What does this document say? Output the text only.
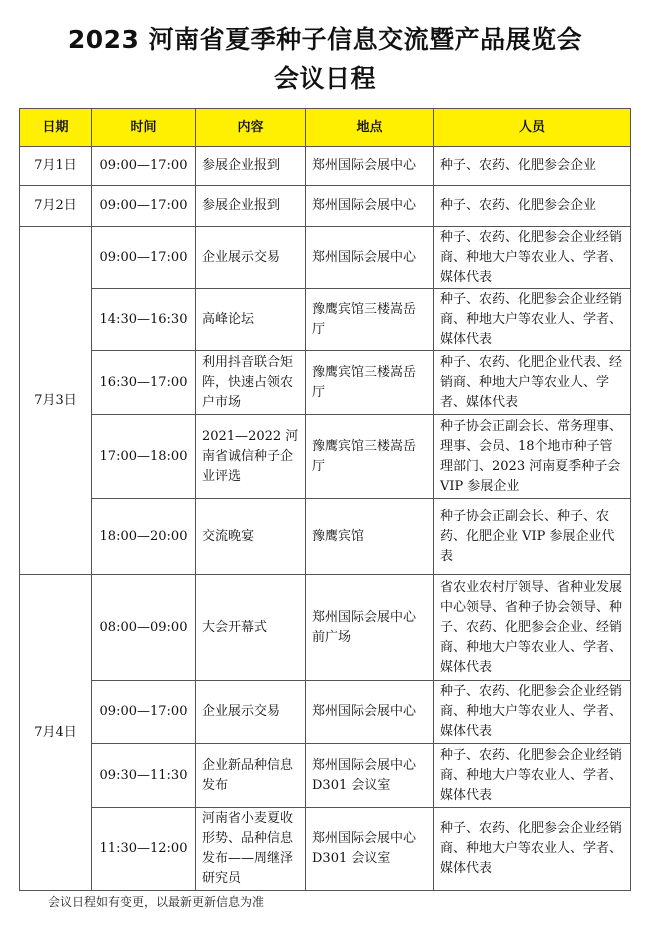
2023 河南省夏季种子信息交流暨产品展览会
会议日程
日期	时间	内容	地点	人员
7月1日	09:00—17:00	参展企业报到	郑州国际会展中心	种子、农药、化肥参会企业
7月2日	09:00—17:00	参展企业报到	郑州国际会展中心	种子、农药、化肥参会企业
7月3日	09:00—17:00	企业展示交易	郑州国际会展中心	种子、农药、化肥参会企业经销商、种地大户等农业人、学者、媒体代表
	14:30—16:30	高峰论坛	豫鹰宾馆三楼嵩岳厅	种子、农药、化肥参会企业经销商、种地大户等农业人、学者、媒体代表
	16:30—17:00	利用抖音联合矩阵，快速占领农户市场	豫鹰宾馆三楼嵩岳厅	种子、农药、化肥企业代表、经销商、种地大户等农业人、学者、媒体代表
	17:00—18:00	2021—2022 河南省诚信种子企业评选	豫鹰宾馆三楼嵩岳厅	种子协会正副会长、常务理事、理事、会员、18个地市种子管理部门、2023 河南夏季种子会 VIP 参展企业
	18:00—20:00	交流晚宴	豫鹰宾馆	种子协会正副会长、种子、农药、化肥企业 VIP 参展企业代表
7月4日	08:00—09:00	大会开幕式	郑州国际会展中心前广场	省农业农村厅领导、省种业发展中心领导、省种子协会领导、种子、农药、化肥参会企业、经销商、种地大户等农业人、学者、媒体代表
	09:00—17:00	企业展示交易	郑州国际会展中心	种子、农药、化肥参会企业经销商、种地大户等农业人、学者、媒体代表
	09:30—11:30	企业新品种信息发布	郑州国际会展中心D301 会议室	种子、农药、化肥参会企业经销商、种地大户等农业人、学者、媒体代表
	11:30—12:00	河南省小麦夏收形势、品种信息发布——周继泽研究员	郑州国际会展中心D301 会议室	种子、农药、化肥参会企业经销商、种地大户等农业人、学者、媒体代表
会议日程如有变更，以最新更新信息为准
